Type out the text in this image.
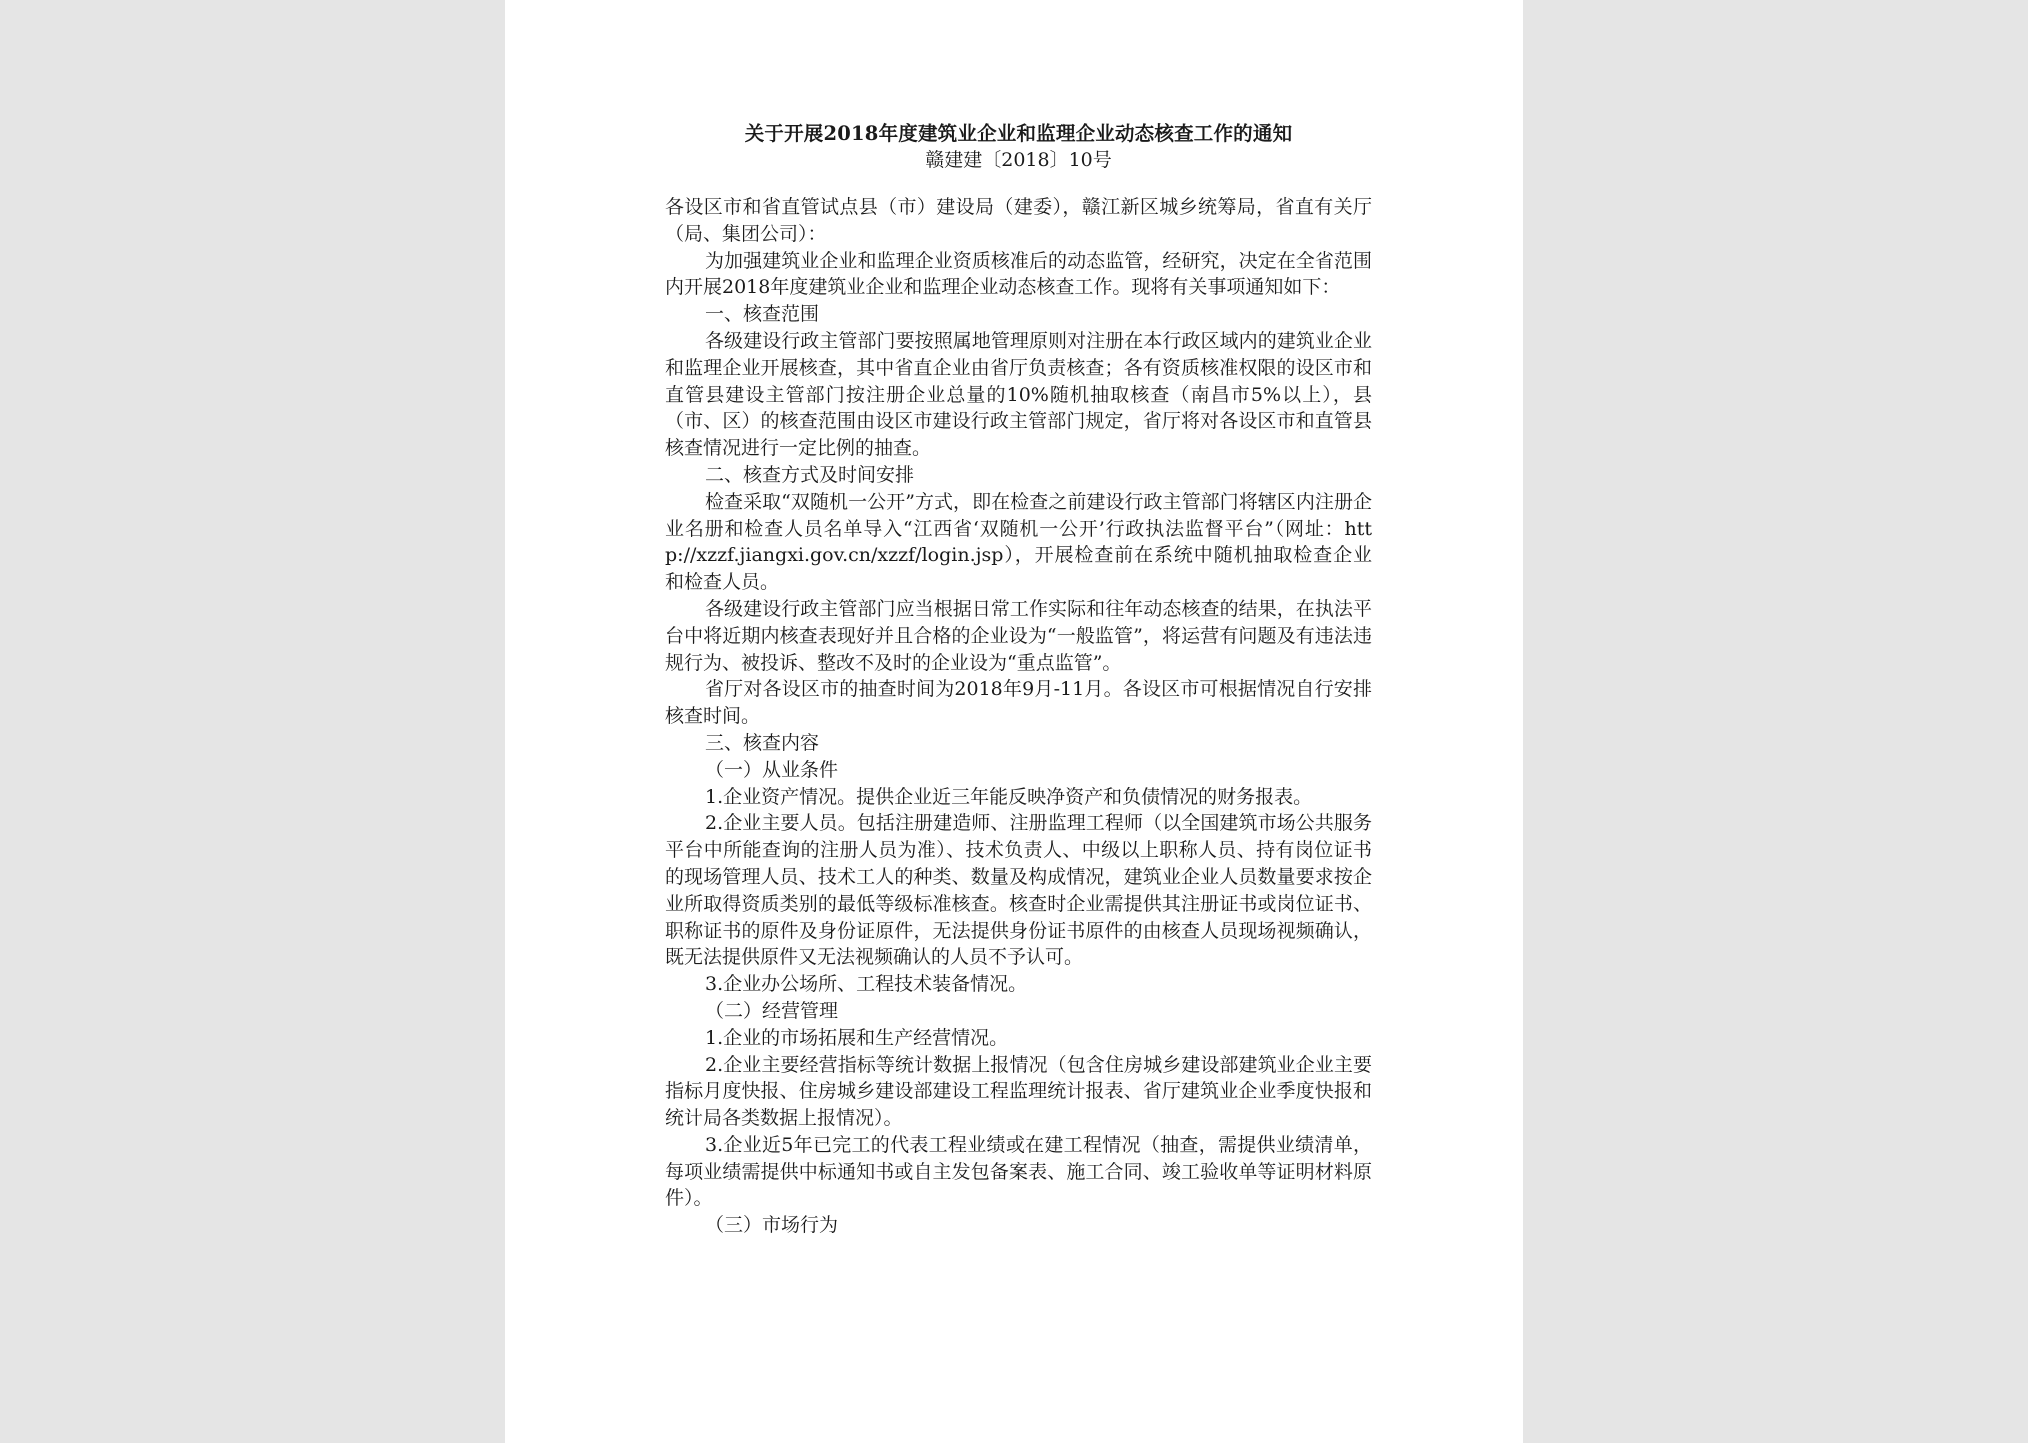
关于开展2018年度建筑业企业和监理企业动态核查工作的通知
赣建建〔2018〕10号

各设区市和省直管试点县（市）建设局（建委），赣江新区城乡统筹局，省直有关厅（局、集团公司）：

为加强建筑业企业和监理企业资质核准后的动态监管，经研究，决定在全省范围内开展2018年度建筑业企业和监理企业动态核查工作。现将有关事项通知如下：

一、核查范围

各级建设行政主管部门要按照属地管理原则对注册在本行政区域内的建筑业企业和监理企业开展核查，其中省直企业由省厅负责核查；各有资质核准权限的设区市和直管县建设主管部门按注册企业总量的10%随机抽取核查（南昌市5%以上），县（市、区）的核查范围由设区市建设行政主管部门规定，省厅将对各设区市和直管县核查情况进行一定比例的抽查。

二、核查方式及时间安排

检查采取“双随机一公开”方式，即在检查之前建设行政主管部门将辖区内注册企业名册和检查人员名单导入“江西省‘双随机一公开’行政执法监督平台”（网址：http://xzzf.jiangxi.gov.cn/xzzf/login.jsp），开展检查前在系统中随机抽取检查企业和检查人员。

各级建设行政主管部门应当根据日常工作实际和往年动态核查的结果，在执法平台中将近期内核查表现好并且合格的企业设为“一般监管”，将运营有问题及有违法违规行为、被投诉、整改不及时的企业设为“重点监管”。

省厅对各设区市的抽查时间为2018年9月-11月。各设区市可根据情况自行安排核查时间。

三、核查内容

（一）从业条件

1.企业资产情况。提供企业近三年能反映净资产和负债情况的财务报表。

2.企业主要人员。包括注册建造师、注册监理工程师（以全国建筑市场公共服务平台中所能查询的注册人员为准）、技术负责人、中级以上职称人员、持有岗位证书的现场管理人员、技术工人的种类、数量及构成情况，建筑业企业人员数量要求按企业所取得资质类别的最低等级标准核查。核查时企业需提供其注册证书或岗位证书、职称证书的原件及身份证原件，无法提供身份证书原件的由核查人员现场视频确认，既无法提供原件又无法视频确认的人员不予认可。

3.企业办公场所、工程技术装备情况。

（二）经营管理

1.企业的市场拓展和生产经营情况。

2.企业主要经营指标等统计数据上报情况（包含住房城乡建设部建筑业企业主要指标月度快报、住房城乡建设部建设工程监理统计报表、省厅建筑业企业季度快报和统计局各类数据上报情况）。

3.企业近5年已完工的代表工程业绩或在建工程情况（抽查，需提供业绩清单，每项业绩需提供中标通知书或自主发包备案表、施工合同、竣工验收单等证明材料原件）。

（三）市场行为
